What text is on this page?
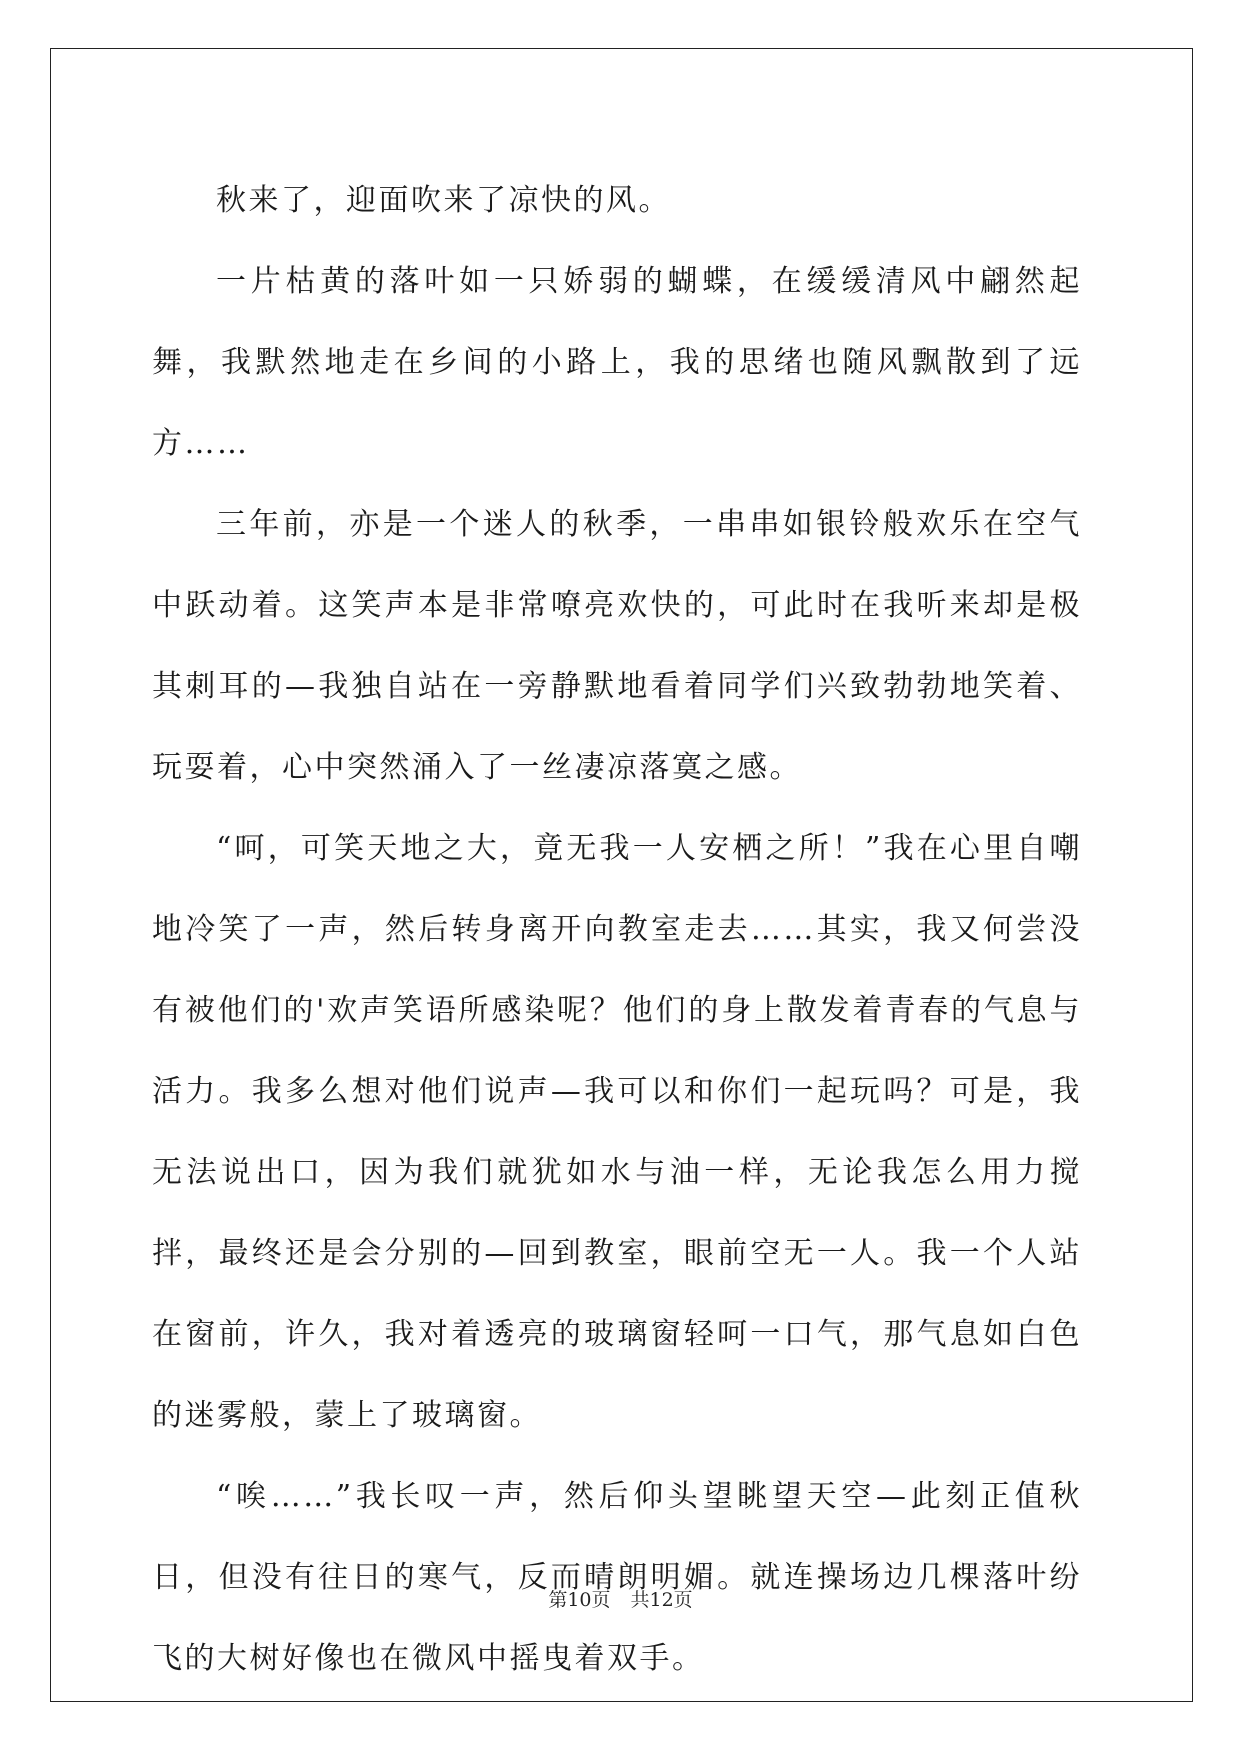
秋来了，迎面吹来了凉快的风。

一片枯黄的落叶如一只娇弱的蝴蝶，在缓缓清风中翩然起舞，我默然地走在乡间的小路上，我的思绪也随风飘散到了远方……

三年前，亦是一个迷人的秋季，一串串如银铃般欢乐在空气中跃动着。这笑声本是非常嘹亮欢快的，可此时在我听来却是极其刺耳的—我独自站在一旁静默地看着同学们兴致勃勃地笑着、玩耍着，心中突然涌入了一丝凄凉落寞之感。

“呵，可笑天地之大，竟无我一人安栖之所！”我在心里自嘲地冷笑了一声，然后转身离开向教室走去……其实，我又何尝没有被他们的'欢声笑语所感染呢？他们的身上散发着青春的气息与活力。我多么想对他们说声—我可以和你们一起玩吗？可是，我无法说出口，因为我们就犹如水与油一样，无论我怎么用力搅拌，最终还是会分别的—回到教室，眼前空无一人。我一个人站在窗前，许久，我对着透亮的玻璃窗轻呵一口气，那气息如白色的迷雾般，蒙上了玻璃窗。

“唉……”我长叹一声，然后仰头望眺望天空—此刻正值秋日，但没有往日的寒气，反而晴朗明媚。就连操场边几棵落叶纷飞的大树好像也在微风中摇曳着双手。

第10页 共12页
